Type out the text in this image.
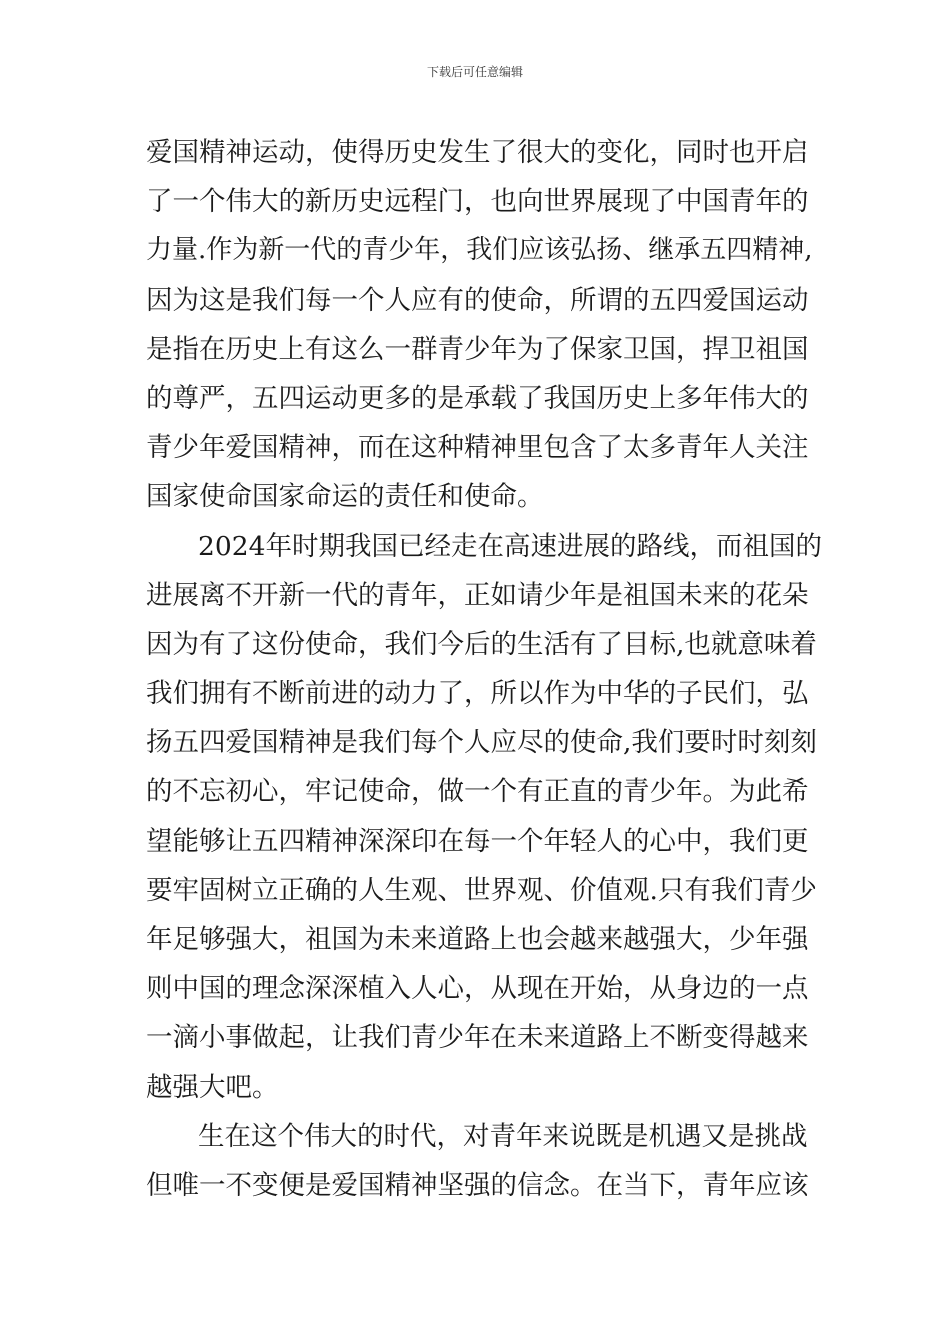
下载后可任意编辑
爱国精神运动，使得历史发生了很大的变化，同时也开启
了一个伟大的新历史远程门，也向世界展现了中国青年的
力量.作为新一代的青少年，我们应该弘扬、继承五四精神,
因为这是我们每一个人应有的使命，所谓的五四爱国运动
是指在历史上有这么一群青少年为了保家卫国，捍卫祖国
的尊严，五四运动更多的是承载了我国历史上多年伟大的
青少年爱国精神，而在这种精神里包含了太多青年人关注
国家使命国家命运的责任和使命。
2024年时期我国已经走在高速进展的路线，而祖国的
进展离不开新一代的青年，正如请少年是祖国未来的花朵
因为有了这份使命，我们今后的生活有了目标,也就意味着
我们拥有不断前进的动力了，所以作为中华的子民们，弘
扬五四爱国精神是我们每个人应尽的使命,我们要时时刻刻
的不忘初心，牢记使命，做一个有正直的青少年。为此希
望能够让五四精神深深印在每一个年轻人的心中，我们更
要牢固树立正确的人生观、世界观、价值观.只有我们青少
年足够强大，祖国为未来道路上也会越来越强大，少年强
则中国的理念深深植入人心，从现在开始，从身边的一点
一滴小事做起，让我们青少年在未来道路上不断变得越来
越强大吧。
生在这个伟大的时代，对青年来说既是机遇又是挑战
但唯一不变便是爱国精神坚强的信念。在当下，青年应该
